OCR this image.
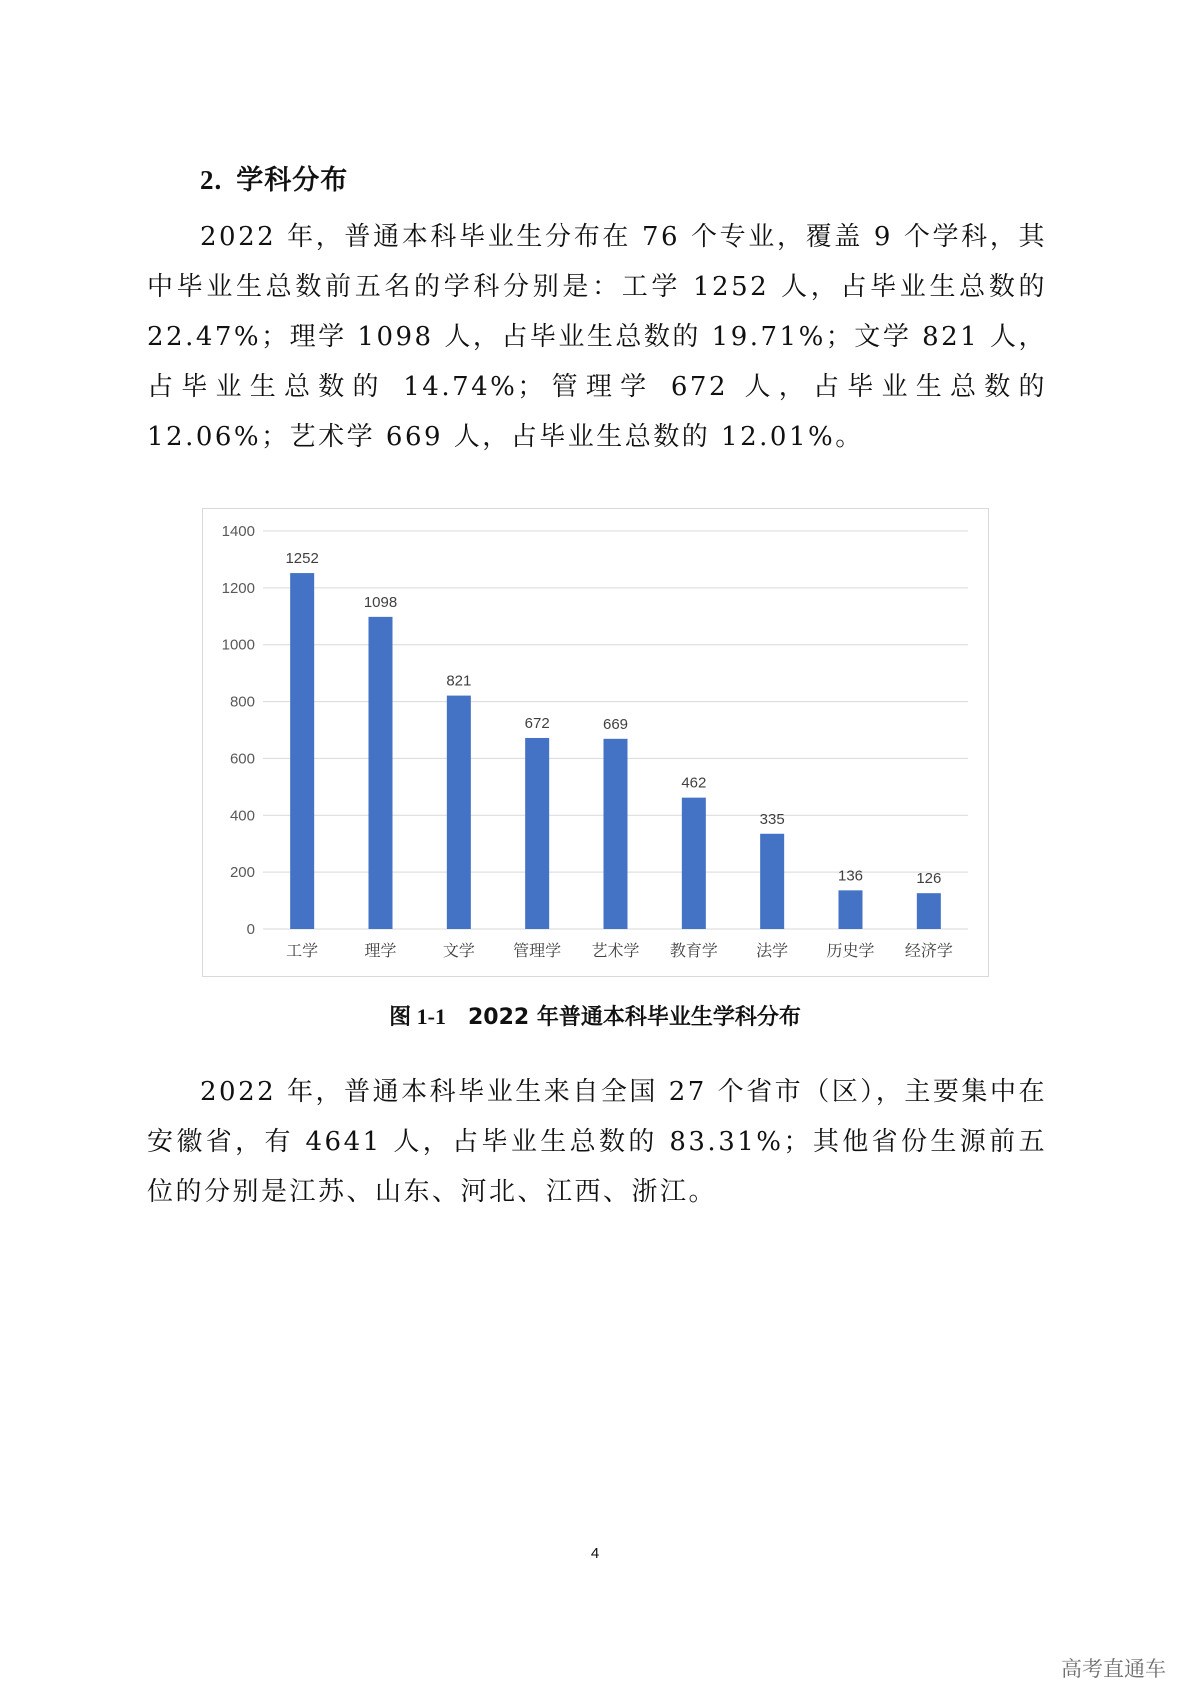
2. 学科分布

2022 年，普通本科毕业生分布在 76 个专业，覆盖 9 个学科，其中毕业生总数前五名的学科分别是：工学 1252 人，占毕业生总数的 22.47%；理学 1098 人，占毕业生总数的 19.71%；文学 821 人，占毕业生总数的 14.74%；管理学 672 人，占毕业生总数的 12.06%；艺术学 669 人，占毕业生总数的 12.01%。

0
200
400
600
800
1000
1200
1400
1252
1098
821
672	669
462
335
136	126
工学	理学	文学 管理学 艺术学 教育学 法学 历史学 经济学
图 1-1 2022 年普通本科毕业生学科分布

2022 年，普通本科毕业生来自全国 27 个省市（区），主要集中在安徽省，有 4641 人，占毕业生总数的 83.31%；其他省份生源前五位的分别是江苏、山东、河北、江西、浙江。

4
高考直通车
